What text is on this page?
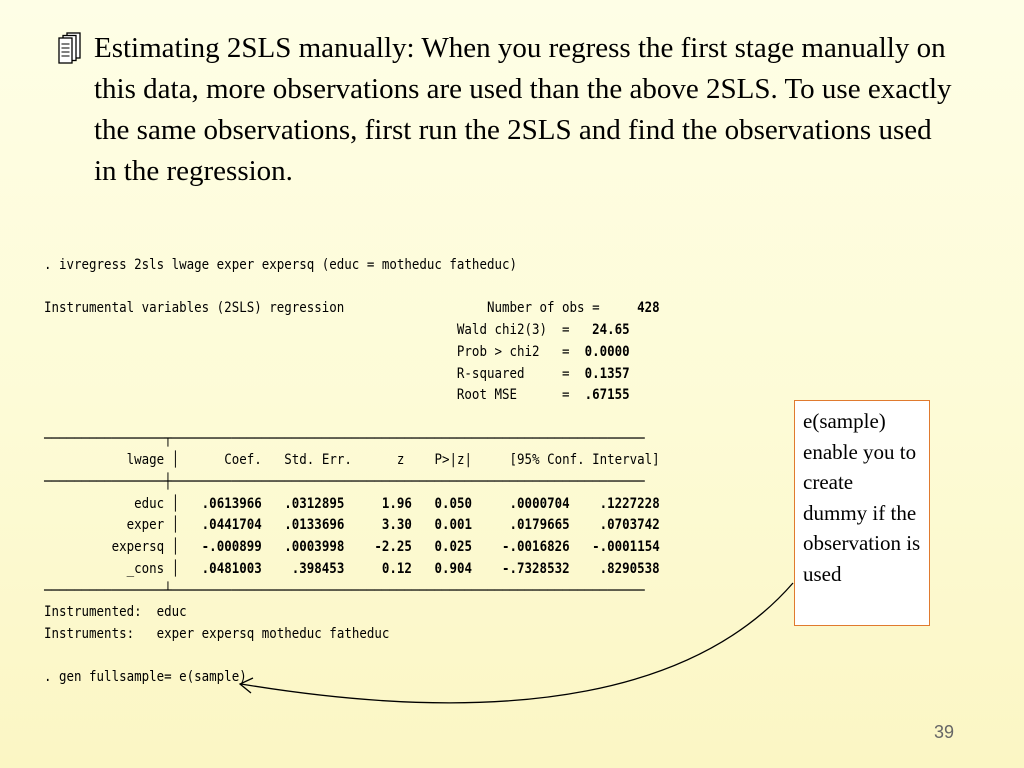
Estimating 2SLS manually: When you regress the first stage manually on this data, more observations are used than the above 2SLS. To use exactly the same observations, first run the 2SLS and find the observations used in the regression.

. ivregress 2sls lwage exper expersq (educ = motheduc fatheduc)

Instrumental variables (2SLS) regression	Number of obs =     428
Wald chi2(3)  =   24.65
Prob > chi2   =  0.0000
R-squared     =  0.1357
Root MSE      =  .67155

────────────────┬───────────────────────────────────────────────────────────────
lwage │      Coef. Std. Err.	z P>|z|	[95% Conf. Interval]
────────────────┼───────────────────────────────────────────────────────────────
educ │   .0613966 .0312895	1.96 0.050	.0000704 .1227228
exper │   .0441704 .0133696	3.30 0.001	.0179665 .0703742
expersq │   -.000899 .0003998 -2.25 0.025 -.0016826 -.0001154
_cons │   .0481003 .398453	0.12 0.904 -.7328532 .8290538
────────────────┴───────────────────────────────────────────────────────────────
Instrumented: educ
Instruments: exper expersq motheduc fatheduc

. gen fullsample= e(sample)
e(sample) enable you to create dummy if the observation is used
39
